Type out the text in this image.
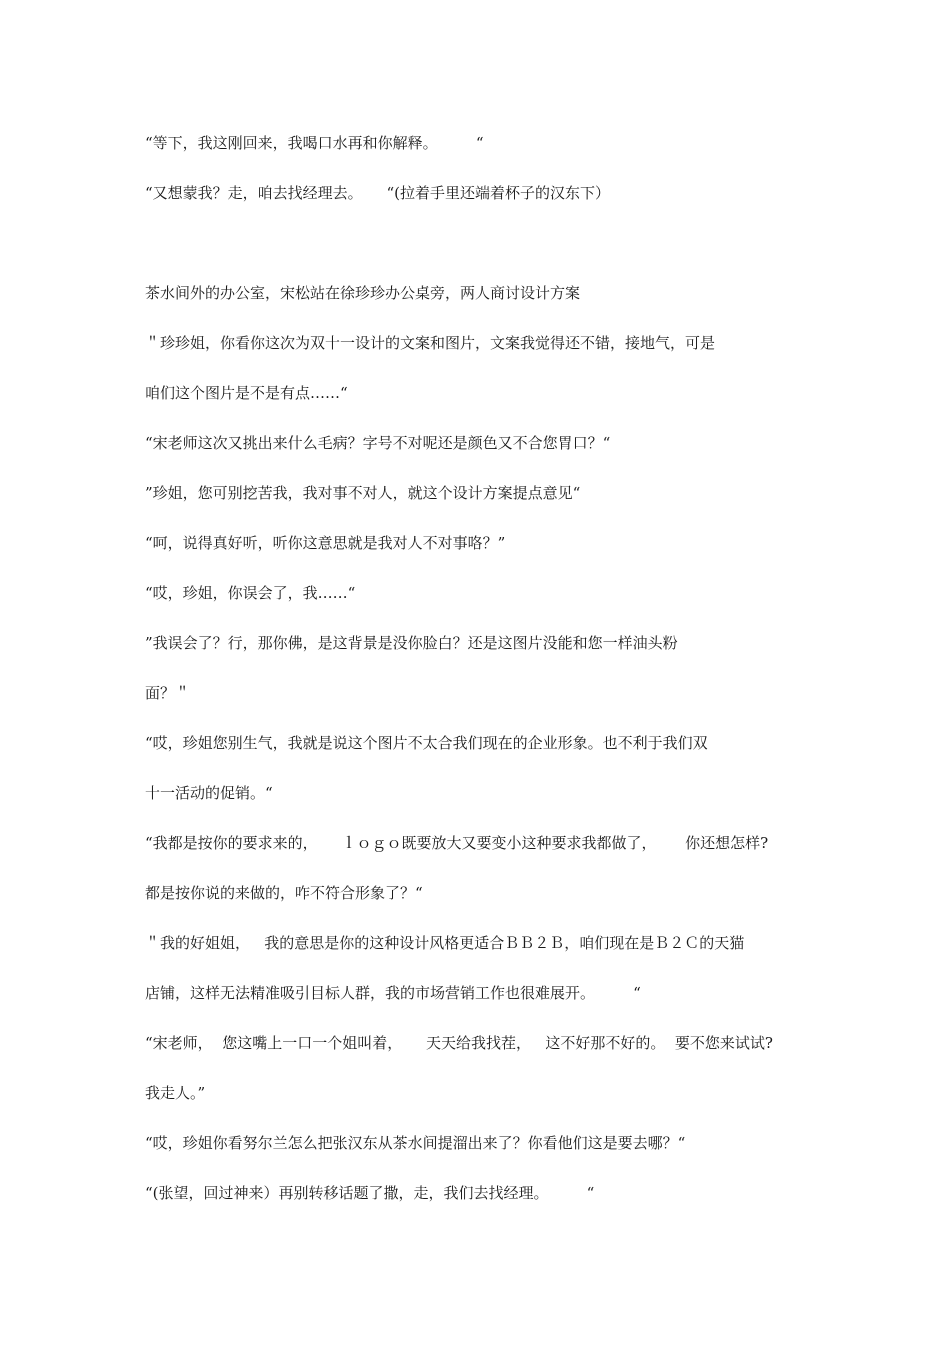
“等下，我这刚回来，我喝口水再和你解释。        “
“又想蒙我？走，咱去找经理去。     “(拉着手里还端着杯子的汉东下）
茶水间外的办公室，宋松站在徐珍珍办公桌旁，两人商讨设计方案
＂珍珍姐，你看你这次为双十一设计的文案和图片，文案我觉得还不错，接地气，可是
咱们这个图片是不是有点……“
“宋老师这次又挑出来什么毛病？字号不对呢还是颜色又不合您胃口？“
”珍姐，您可别挖苦我，我对事不对人，就这个设计方案提点意见“
“呵，说得真好听，听你这意思就是我对人不对事咯？”
“哎，珍姐，你误会了，我……“
”我误会了？行，那你佛，是这背景是没你脸白？还是这图片没能和您一样油头粉
面？＂
“哎，珍姐您别生气，我就是说这个图片不太合我们现在的企业形象。也不利于我们双
十一活动的促销。“
“我都是按你的要求来的，     ｌｏｇｏ既要放大又要变小这种要求我都做了，      你还想怎样?
都是按你说的来做的，咋不符合形象了？“
＂我的好姐姐，   我的意思是你的这种设计风格更适合ＢＢ２Ｂ，咱们现在是Ｂ２Ｃ的天猫
店铺，这样无法精准吸引目标人群，我的市场营销工作也很难展开。        “
“宋老师，  您这嘴上一口一个姐叫着，     天天给我找茬，   这不好那不好的。  要不您来试试?
我走人。”
“哎，珍姐你看努尔兰怎么把张汉东从茶水间提溜出来了？你看他们这是要去哪？“
“(张望，回过神来）再别转移话题了撒，走，我们去找经理。        “
